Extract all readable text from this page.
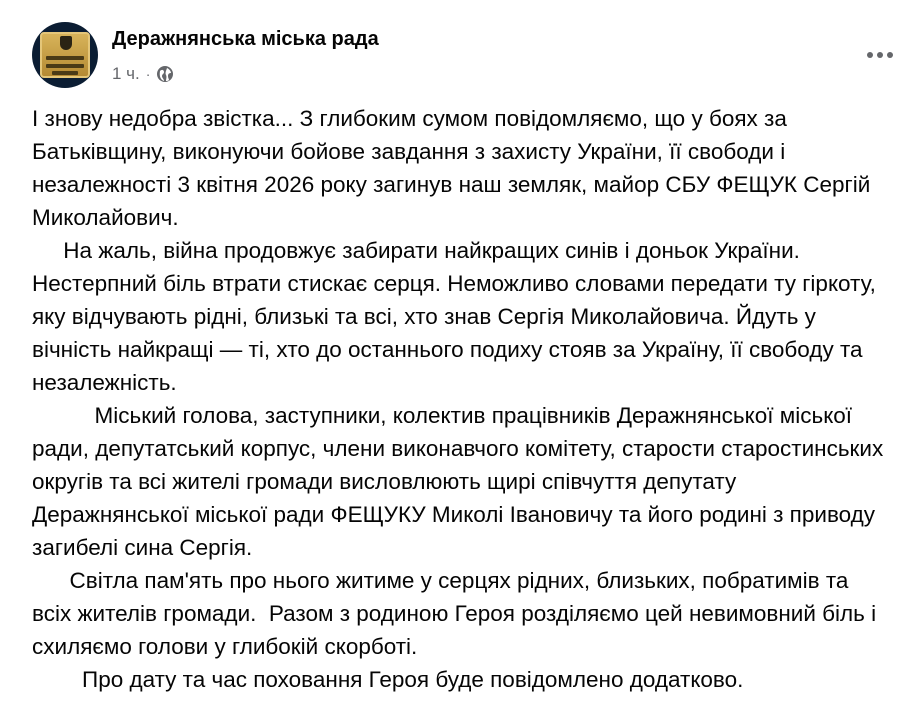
Деражнянська міська рада
1 ч. ·

І знову недобра звістка... З глибоким сумом повідомляємо, що у боях за Батьківщину, виконуючи бойове завдання з захисту України, її свободи і незалежності 3 квітня 2026 року загинув наш земляк, майор СБУ ФЕЩУК Сергій Миколайович.

На жаль, війна продовжує забирати найкращих синів і доньок України. Нестерпний біль втрати стискає серця. Неможливо словами передати ту гіркоту, яку відчувають рідні, близькі та всі, хто знав Сергія Миколайовича. Йдуть у вічність найкращі — ті, хто до останнього подиху стояв за Україну, її свободу та незалежність.

Міський голова, заступники, колектив працівників Деражнянської міської ради, депутатський корпус, члени виконавчого комітету, старости старостинських округів та всі жителі громади висловлюють щирі співчуття депутату Деражнянської міської ради ФЕЩУКУ Миколі Івановичу та його родині з приводу загибелі сина Сергія.

Світла пам'ять про нього житиме у серцях рідних, близьких, побратимів та всіх жителів громади.  Разом з родиною Героя розділяємо цей невимовний біль і схиляємо голови у глибокій скорботі.

Про дату та час поховання Героя буде повідомлено додатково.
